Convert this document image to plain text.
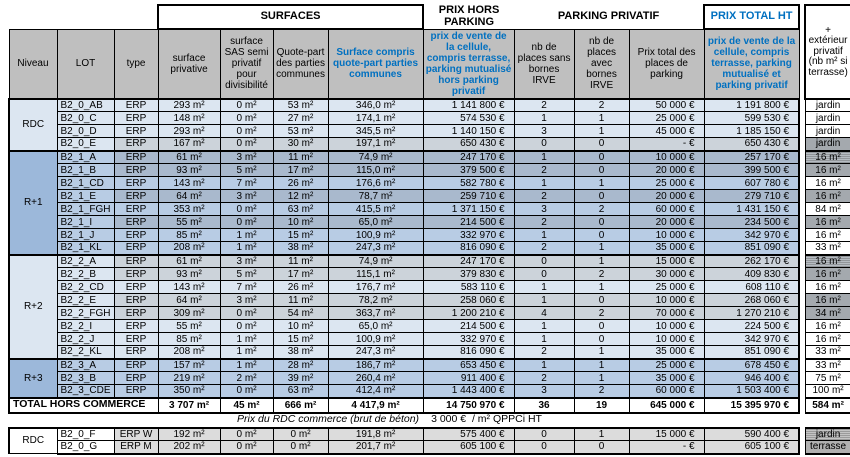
			SURFACES				PRIX HORS PARKING	PARKING PRIVATIF			PRIX TOTAL HT		+ extérieur privatif (nb m² si terrasse)
Niveau	LOT	type	surface privative	surface SAS semi privatif pour divisibilité	Quote-part des parties communes	Surface compris quote-part parties communes	prix de vente de la cellule, compris terrasse, parking mutualisé hors parking privatif	nb de places sans bornes IRVE	nb de places avec bornes IRVE	Prix total des places de parking	prix de vente de la cellule, compris terrasse, parking mutualisé et parking privatif		
RDC	B2_0_AB	ERP	293 m²	0 m²	53 m²	346,0 m²	1 141 800 €	2	2	50 000 €	1 191 800 €		jardin
	B2_0_C	ERP	148 m²	0 m²	27 m²	174,1 m²	574 530 €	1	1	25 000 €	599 530 €		jardin
	B2_0_D	ERP	293 m²	0 m²	53 m²	345,5 m²	1 140 150 €	3	1	45 000 €	1 185 150 €		jardin
	B2_0_E	ERP	167 m²	0 m²	30 m²	197,1 m²	650 430 €	0	0	- €	650 430 €		jardin
R+1	B2_1_A	ERP	61 m²	3 m²	11 m²	74,9 m²	247 170 €	1	0	10 000 €	257 170 €		16 m²
	B2_1_B	ERP	93 m²	5 m²	17 m²	115,0 m²	379 500 €	2	0	20 000 €	399 500 €		16 m²
	B2_1_CD	ERP	143 m²	7 m²	26 m²	176,6 m²	582 780 €	1	1	25 000 €	607 780 €		16 m²
	B2_1_E	ERP	64 m²	3 m²	12 m²	78,7 m²	259 710 €	2	0	20 000 €	279 710 €		16 m²
	B2_1_FGH	ERP	353 m²	0 m²	63 m²	415,5 m²	1 371 150 €	3	2	60 000 €	1 431 150 €		84 m²
	B2_1_I	ERP	55 m²	0 m²	10 m²	65,0 m²	214 500 €	2	0	20 000 €	234 500 €		16 m²
	B2_1_J	ERP	85 m²	1 m²	15 m²	100,9 m²	332 970 €	1	0	10 000 €	342 970 €		16 m²
	B2_1_KL	ERP	208 m²	1 m²	38 m²	247,3 m²	816 090 €	2	1	35 000 €	851 090 €		33 m²
R+2	B2_2_A	ERP	61 m²	3 m²	11 m²	74,9 m²	247 170 €	0	1	15 000 €	262 170 €		16 m²
	B2_2_B	ERP	93 m²	5 m²	17 m²	115,1 m²	379 830 €	0	2	30 000 €	409 830 €		16 m²
	B2_2_CD	ERP	143 m²	7 m²	26 m²	176,7 m²	583 110 €	1	1	25 000 €	608 110 €		16 m²
	B2_2_E	ERP	64 m²	3 m²	11 m²	78,2 m²	258 060 €	1	0	10 000 €	268 060 €		16 m²
	B2_2_FGH	ERP	309 m²	0 m²	54 m²	363,7 m²	1 200 210 €	4	2	70 000 €	1 270 210 €		34 m²
	B2_2_I	ERP	55 m²	0 m²	10 m²	65,0 m²	214 500 €	1	0	10 000 €	224 500 €		16 m²
	B2_2_J	ERP	85 m²	1 m²	15 m²	100,9 m²	332 970 €	1	0	10 000 €	342 970 €		16 m²
	B2_2_KL	ERP	208 m²	1 m²	38 m²	247,3 m²	816 090 €	2	1	35 000 €	851 090 €		33 m²
R+3	B2_3_A	ERP	157 m²	1 m²	28 m²	186,7 m²	653 450 €	1	1	25 000 €	678 450 €		33 m²
	B2_3_B	ERP	219 m²	2 m²	39 m²	260,4 m²	911 400 €	2	1	35 000 €	946 400 €		75 m²
	B2_3_CDE	ERP	350 m²	0 m²	63 m²	412,4 m²	1 443 400 €	3	2	60 000 €	1 503 400 €		100 m²
TOTAL HORS COMMERCE			3 707 m²	45 m²	666 m²	4 417,9 m²	14 750 970 €	36	19	645 000 €	15 395 970 €		584 m²
			Prix du RDC commerce (brut de béton)				3 000 € / m² QPPCi HT						
RDC	B2_0_F	ERP W	192 m²	0 m²	0 m²	191,8 m²	575 400 €	0	1	15 000 €	590 400 €		jardin
	B2_0_G	ERP M	202 m²	0 m²	0 m²	201,7 m²	605 100 €	0	0	- €	605 100 €		terrasse
